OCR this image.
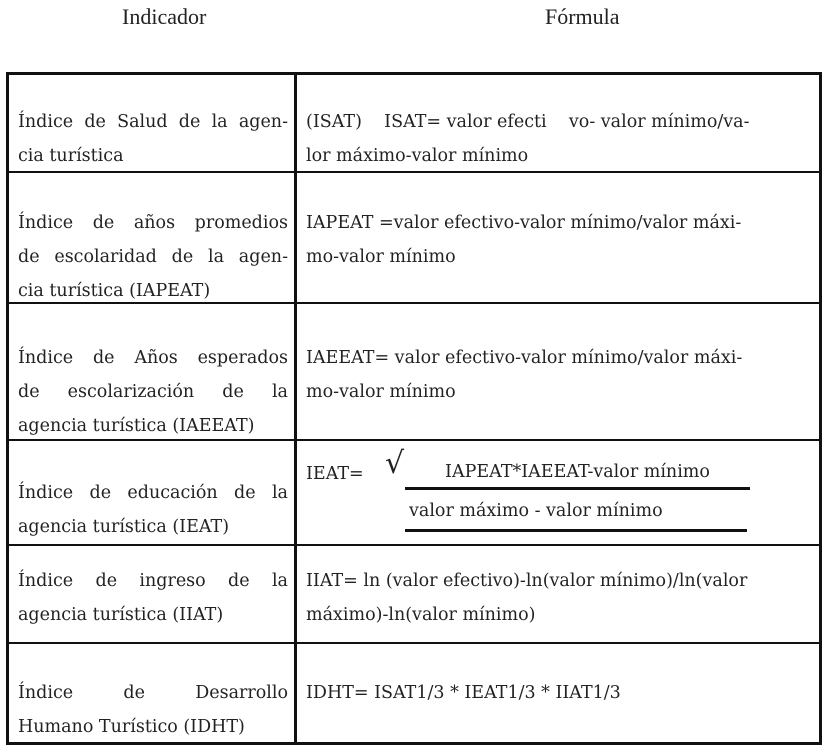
Indicador	Fórmula
Índice de Salud de la agen-
cia turística
(ISAT)    ISAT= valor efecti    vo- valor mínimo/va-
lor máximo-valor mínimo
Índice de años promedios
de escolaridad de la agen-
cia turística (IAPEAT)
IAPEAT =valor efectivo-valor mínimo/valor máxi-
mo-valor mínimo
Índice de Años esperados
de escolarización de la
agencia turística (IAEEAT)
IAEEAT= valor efectivo-valor mínimo/valor máxi-
mo-valor mínimo
Índice de educación de la
agencia turística (IEAT)
IEAT= √	IAPEAT*IAEEAT-valor mínimo
valor máximo - valor mínimo
Índice de ingreso de la
agencia turística (IIAT)
IIAT= ln (valor efectivo)-ln(valor mínimo)/ln(valor
máximo)-ln(valor mínimo)
Índice de Desarrollo
Humano Turístico (IDHT)
IDHT= ISAT1/3 * IEAT1/3 * IIAT1/3
